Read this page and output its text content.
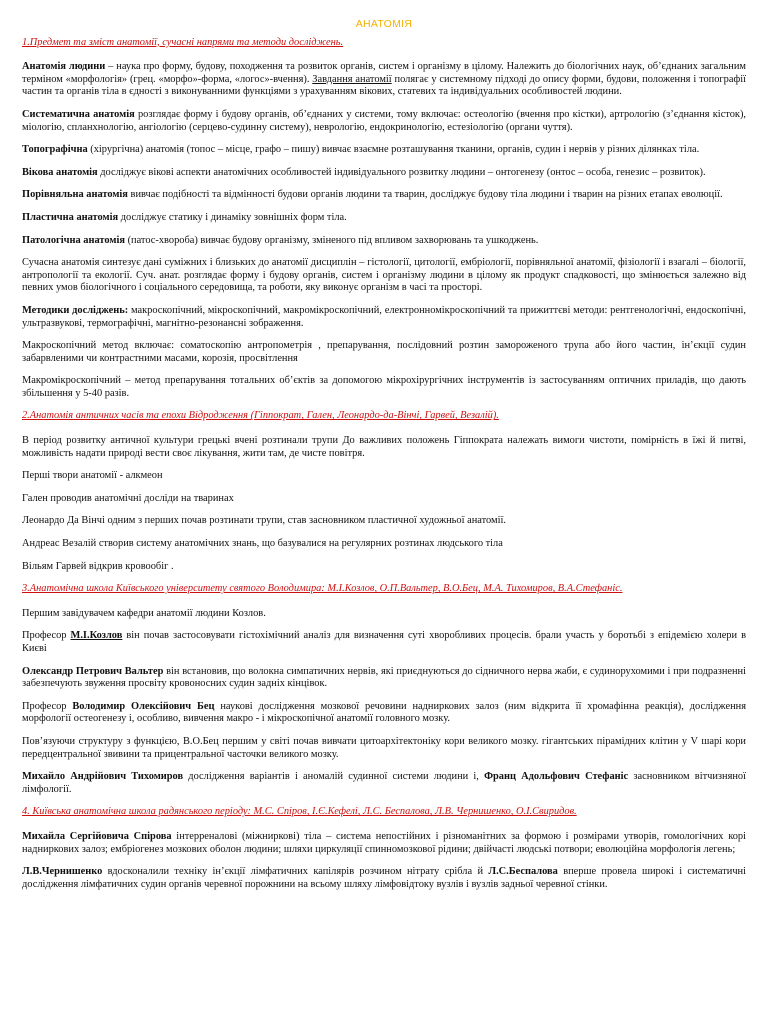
АНАТОМІЯ
1.Предмет та зміст анатомії, сучасні напрями та методи досліджень.

Анатомія людини – наука про форму, будову, походження та розвиток органів, систем і організму в цілому. Належить до біологічних наук, об’єднаних загальним терміном «морфологія» (грец. «морфо»-форма, «логос»-вчення). Завдання анатомії полягає у системному підході до опису форми, будови, положення і топографії частин та органів тіла в єдності з виконуванними функціями з урахуванням вікових, статевих та індивідуальних особливостей людини.

Систематична анатомія розглядає форму і будову органів, об’єднаних у системи, тому включає: остеологію (вчення про кістки), артрологію (з’єднання кісток), міологію, спланхнологію, ангіологію (серцево-судинну систему), неврологію, ендокринологію, естезіологію (органи чуття).

Топографічна (хірургічна) анатомія (топос – місце, графо – пишу) вивчає взаємне розташування тканини, органів, судин і нервів у різних ділянках тіла.

Вікова анатомія досліджує вікові аспекти анатомічних особливостей індивідуального розвитку людини – онтогенезу (онтос – особа, генезис – розвиток).

Порівняльна анатомія вивчає подібності та відмінності будови органів людини та тварин, досліджує будову тіла людини і тварин на різних етапах еволюції.

Пластична анатомія досліджує статику і динаміку зовнішніх форм тіла.

Патологічна анатомія (патос-хвороба) вивчає будову організму, зміненого під впливом захворювань та ушкоджень.

Сучасна анатомія синтезує дані суміжних і близьких до анатомії дисциплін – гістології, цитології, ембріології, порівняльної анатомії, фізіології і взагалі – біології, антропології та екології. Суч. анат. розглядає форму і будову органів, систем і організму людини в цілому як продукт спадковості, що змінюється залежно від певних умов біологічного і соціального середовища, та роботи, яку виконує організм в часі та просторі.

Методики досліджень: макроскопічний, мікроскопічний, макромікроскопічний, електронномікроскопічний та прижиттєві методи: рентгенологічні, ендоскопічні, ультразвукові, термографічні, магнітно-резонансні зображення.

Макроскопічний метод включає: соматоскопію антропометрія , препарування, послідовний розтин замороженого трупа або його частин, ін’єкції судин забарвленими чи контрастними масами, корозія, просвітлення

Макромікроскопічний – метод препарування тотальних об’єктів за допомогою мікрохірургічних інструментів із застосуванням оптичних приладів, що дають збільшення у 5-40 разів.

2.Анатомія античних часів та епохи Відродження (Гіппократ, Гален, Леонардо-да-Вінчі, Гарвей, Везалій).

В період розвитку античної культури грецькі вчені розтинали трупи До важливих положень Гіппократа належать вимоги чистоти, помірність в їжі й питві, можливість надати природі вести своє лікування, жити там, де чисте повітря.

Перші твори анатомії - алкмеон

Гален проводив анатомічні досліди на тваринах

Леонардо Да Вінчі одним з перших почав розтинати трупи, став засновником пластичної художньої анатомії.

Андреас Везалій створив систему анатомічних знань, що базувалися на регулярних розтинах людського тіла

Вільям Гарвей відкрив кровообіг .

3.Анатомічна школа Київського університету святого Володимира: М.І.Козлов, О.П.Вальтер, В.О.Бец, М.А. Тихомиров, В.А.Стефаніс.

Першим завідувачем кафедри анатомії людини Козлов.

Професор М.І.Козлов він почав застосовувати гістохімічний аналіз для визначення суті хворобливих процесів. брали участь у боротьбі з епідемією холери в Києві

Олександр Петрович Вальтер він встановив, що волокна симпатичних нервів, які приєднуються до сідничного нерва жаби, є судинорухомими і при подразненні забезпечують звуження просвіту кровоносних судин задніх кінцівок.

Професор Володимир Олексійович Бец наукові дослідження мозкової речовини надниркових залоз (ним відкрита її хромафінна реакція), дослідження морфології остеогенезу і, особливо, вивчення макро - і мікроскопічної анатомії головного мозку.

Пов’язуючи структуру з функцією, В.О.Бец першим у світі почав вивчати цитоархітектоніку кори великого мозку. гігантських пірамідних клітин у V шарі кори передцентральної звивини та прицентральної часточки великого мозку.

Михайло Андрійович Тихомиров дослідження варіантів і аномалій судинної системи людини і, Франц Адольфович Стефаніс засновником вітчизняної лімфології.

4. Київська анатомічна школа радянського періоду: М.С. Спіров, І.Є.Кефелі, Л.С. Беспалова, Л.В. Чернишенко, О.І.Свиридов.

Михайла Сергійовича Спірова інтерреналові (міжниркові) тіла – система непостійних і різноманітних за формою і розмірами утворів, гомологічних корі надниркових залоз; ембріогенез мозкових оболон людини; шляхи циркуляції спинномозкової рідини; двійчасті людські потвори; еволюційна морфологія легень;

Л.В.Чернишенко вдосконалили техніку ін’єкції лімфатичних капілярів розчином нітрату срібла й Л.С.Беспалова вперше провела широкі і систематичні дослідження лімфатичних судин органів черевної порожнини на всьому шляху лімфовідтоку вузлів і вузлів задньої черевної стінки.
